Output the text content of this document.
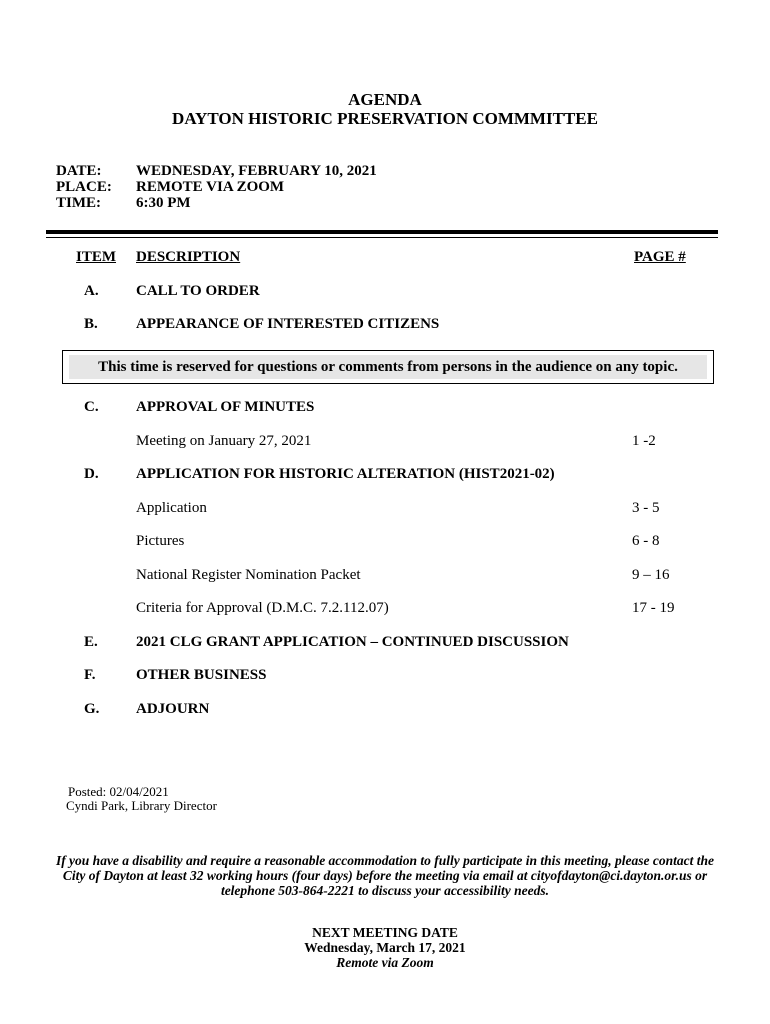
AGENDA
DAYTON HISTORIC PRESERVATION COMMMITTEE
DATE: WEDNESDAY, FEBRUARY 10, 2021
PLACE: REMOTE VIA ZOOM
TIME: 6:30 PM
ITEM DESCRIPTION	PAGE #
A. CALL TO ORDER
B.	APPEARANCE OF INTERESTED CITIZENS
This time is reserved for questions or comments from persons in the audience on any topic.
C. APPROVAL OF MINUTES
Meeting on January 27, 2021	1 -2
D. APPLICATION FOR HISTORIC ALTERATION (HIST2021-02)
Application	3 - 5
Pictures	6 - 8
National Register Nomination Packet	9 – 16
Criteria for Approval (D.M.C. 7.2.112.07)	17 - 19
E.	2021 CLG GRANT APPLICATION – CONTINUED DISCUSSION
F.	OTHER BUSINESS
G. ADJOURN
Posted: 02/04/2021
Cyndi Park, Library Director
If you have a disability and require a reasonable accommodation to fully participate in this meeting, please contact the
City of Dayton at least 32 working hours (four days) before the meeting via email at cityofdayton@ci.dayton.or.us or
telephone 503-864-2221 to discuss your accessibility needs.
NEXT MEETING DATE
Wednesday, March 17, 2021
Remote via Zoom
